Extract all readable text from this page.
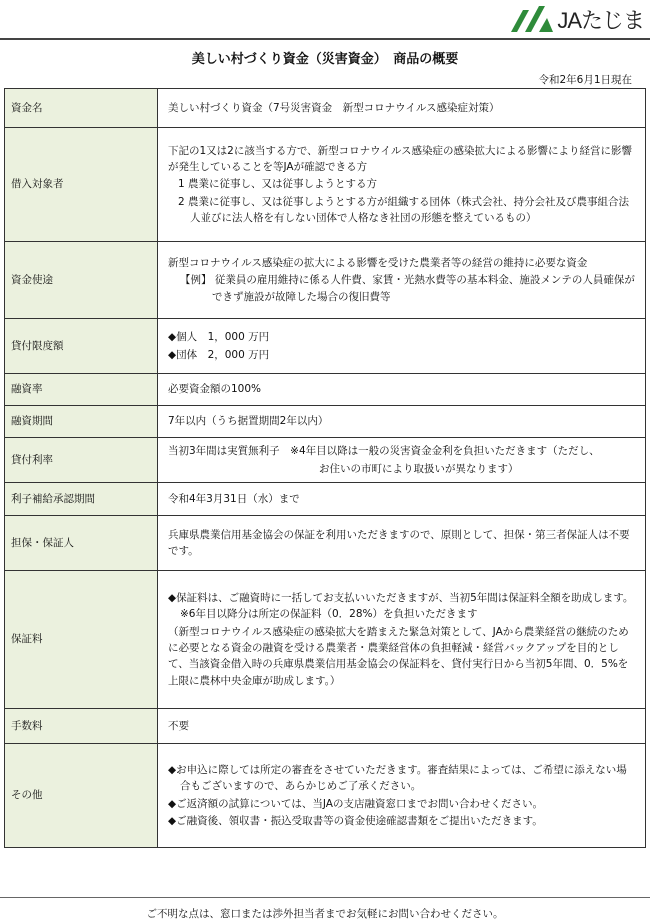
JAたじま
美しい村づくり資金（災害資金）　商品の概要
令和2年6月1日現在
資金名	美しい村づくり資金（7号災害資金　新型コロナウイルス感染症対策）
借入対象者	下記の1又は2に該当する方で、新型コロナウイルス感染症の感染拡大による影響により経営に影響が発生していることを等JAが確認できる方
1 農業に従事し、又は従事しようとする方
2 農業に従事し、又は従事しようとする方が組織する団体（株式会社、持分会社及び農事組合法人並びに法人格を有しない団体で人格なき社団の形態を整えているもの）

資金使途	新型コロナウイルス感染症の拡大による影響を受けた農業者等の経営の維持に必要な資金
【例】 従業員の雇用維持に係る人件費、家賃・光熱水費等の基本料金、施設メンテの人員確保ができず施設が故障した場合の復旧費等

貸付限度額	◆個人　1，000 万円
◆団体　2，000 万円

融資率	必要資金額の100%
融資期間	7年以内（うち据置期間2年以内）
貸付利率	当初3年間は実質無利子　※4年目以降は一般の災害資金金利を負担いただきます（ただし、
お住いの市町により取扱いが異なります）

利子補給承認期間	令和4年3月31日（水）まで
担保・保証人	兵庫県農業信用基金協会の保証を利用いただきますので、原則として、担保・第三者保証人は不要です。
保証料	◆保証料は、ご融資時に一括してお支払いいただきますが、当初5年間は保証料全額を助成します。 ※6年目以降分は所定の保証料（0．28%）を負担いただきます
（新型コロナウイルス感染症の感染拡大を踏まえた緊急対策として、JAから農業経営の継続のために必要となる資金の融資を受ける農業者・農業経営体の負担軽減・経営バックアップを目的として、当該資金借入時の兵庫県農業信用基金協会の保証料を、貸付実行日から当初5年間、0．5%を上限に農林中央金庫が助成します。）

手数料	不要
その他	◆お申込に際しては所定の審査をさせていただきます。審査結果によっては、ご希望に添えない場合もございますので、あらかじめご了承ください。
◆ご返済額の試算については、当JAの支店融資窓口までお問い合わせください。
◆ご融資後、領収書・振込受取書等の資金使途確認書類をご提出いただきます。
ご不明な点は、窓口または渉外担当者までお気軽にお問い合わせください。
